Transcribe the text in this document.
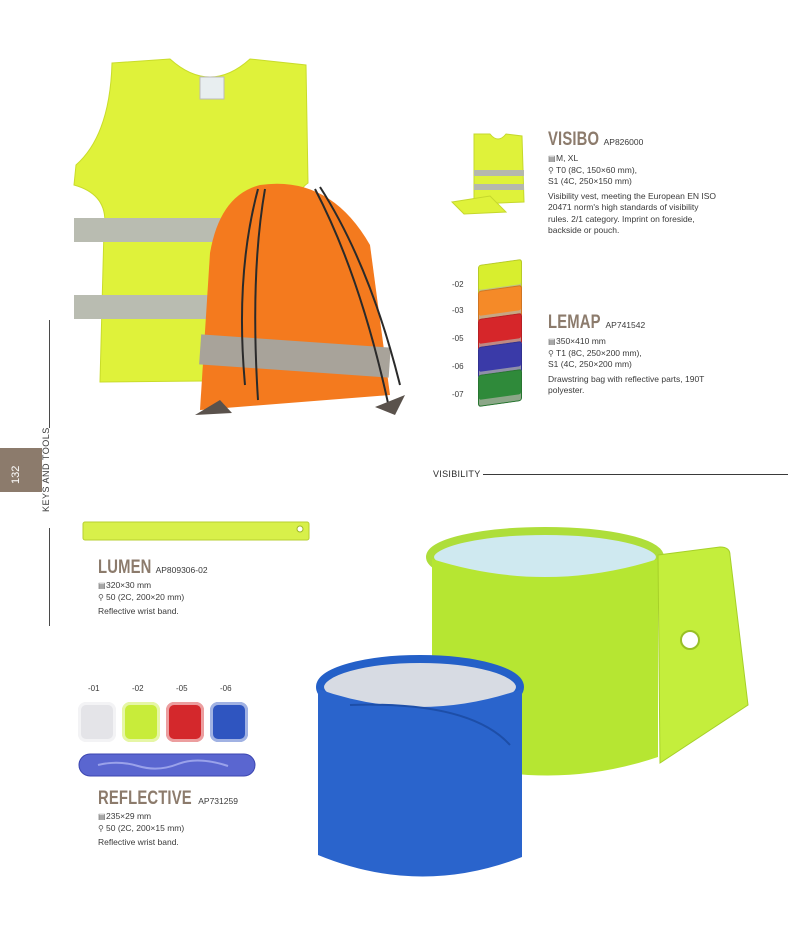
VISIBO AP826000
▤M, XL
⚲ T0 (8C, 150×60 mm),
S1 (4C, 250×150 mm)
Visibility vest, meeting the European EN ISO 20471 norm's high standards of visibility rules. 2/1 category. Imprint on foreside, backside or pouch.
-02
-03
-05
-06
-07
LEMAP AP741542
▤350×410 mm
⚲ T1 (8C, 250×200 mm),
S1 (4C, 250×200 mm)
Drawstring bag with reflective parts, 190T polyester.
132 KEYS AND TOOLS	VISIBILITY
LUMEN AP809306-02
▤320×30 mm
⚲ 50 (2C, 200×20 mm)
Reflective wrist band.
-01	-02	-05	-06
REFLECTIVE AP731259
▤235×29 mm
⚲ 50 (2C, 200×15 mm)
Reflective wrist band.
